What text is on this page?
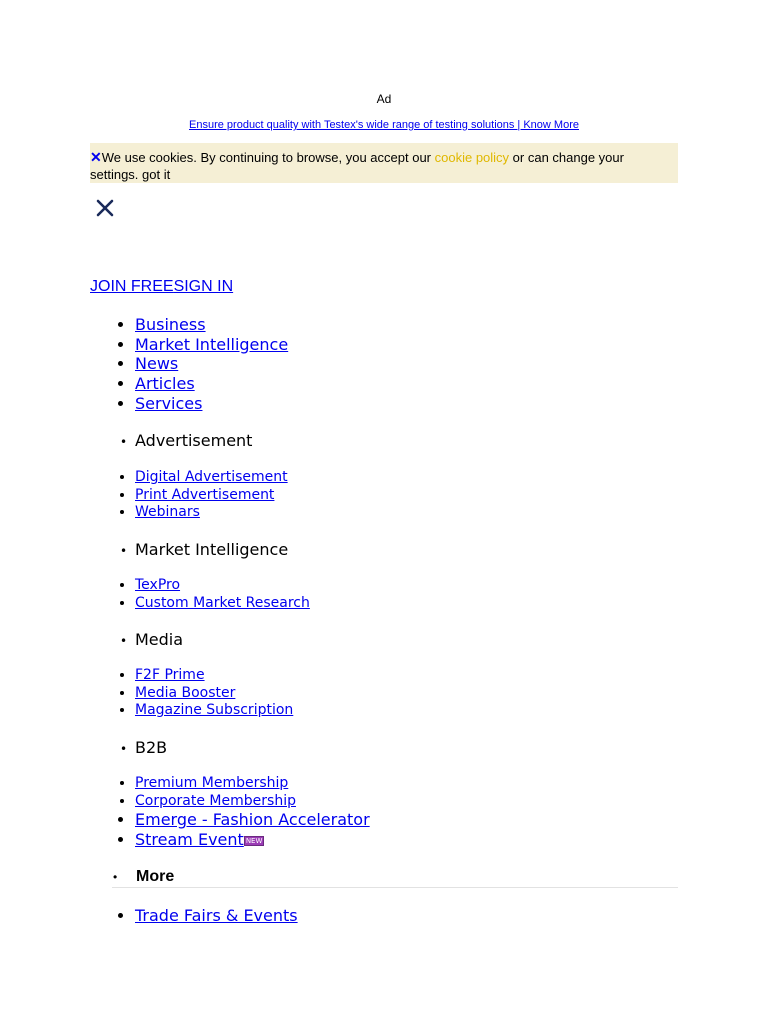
Ad
Ensure product quality with Testex's wide range of testing solutions | Know More
✕We use cookies. By continuing to browse, you accept our cookie policy or can change your settings. got it
JOIN FREESIGN IN
• Business
• Market Intelligence
• News
• Articles
• Services
• Advertisement
• Digital Advertisement
• Print Advertisement
• Webinars
• Market Intelligence
• TexPro
• Custom Market Research
• Media
• F2F Prime
• Media Booster
• Magazine Subscription
• B2B
• Premium Membership
• Corporate Membership
• Emerge - Fashion Accelerator
• Stream Event NEW
• More
• Trade Fairs & Events
